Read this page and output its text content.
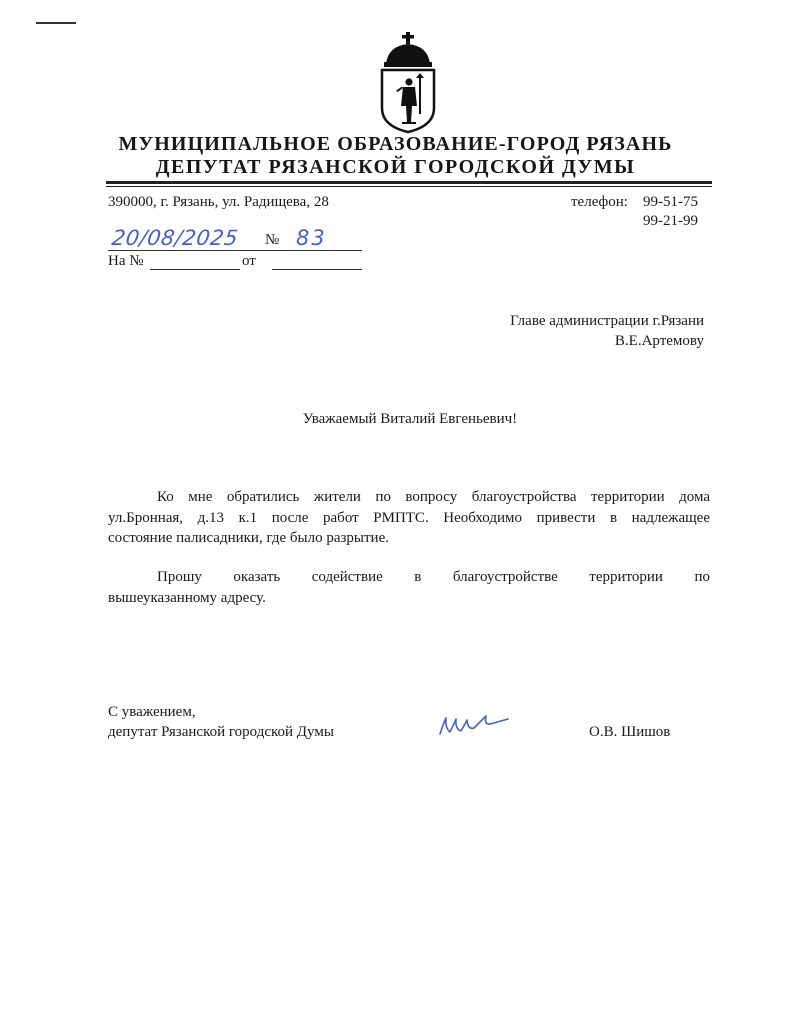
МУНИЦИПАЛЬНОЕ ОБРАЗОВАНИЕ-ГОРОД РЯЗАНЬ
ДЕПУТАТ РЯЗАНСКОЙ ГОРОДСКОЙ ДУМЫ
390000, г. Рязань, ул. Радищева, 28	телефон: 99-51-75
99-21-99
20/08/2025 № 83
На №	от
Главе администрации г.Рязани
В.Е.Артемову
Уважаемый Виталий Евгеньевич!
Ко мне обратились жители по вопросу благоустройства территории дома
ул.Бронная, д.13 к.1 после работ РМПТС. Необходимо привести в надлежащее
состояние палисадники, где было разрытие.
Прошу оказать содействие в благоустройстве территории по
вышеуказанному адресу.
С уважением,
депутат Рязанской городской Думы	О.В. Шишов
